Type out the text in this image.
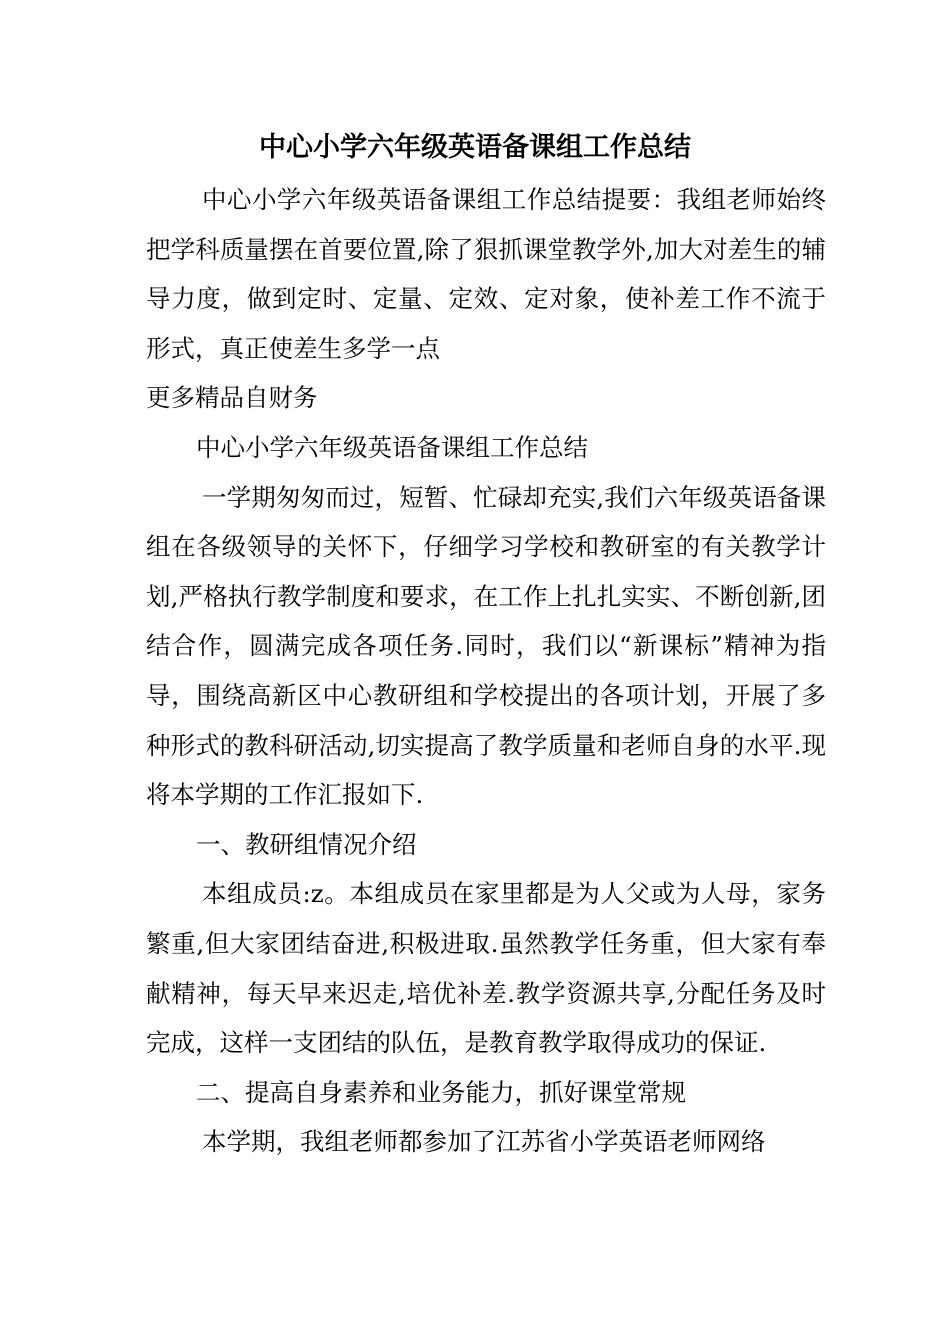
中心小学六年级英语备课组工作总结

中心小学六年级英语备课组工作总结提要：我组老师始终把学科质量摆在首要位置,除了狠抓课堂教学外,加大对差生的辅导力度，做到定时、定量、定效、定对象，使补差工作不流于形式，真正使差生多学一点

更多精品自财务

中心小学六年级英语备课组工作总结

一学期匆匆而过，短暂、忙碌却充实,我们六年级英语备课组在各级领导的关怀下，仔细学习学校和教研室的有关教学计划,严格执行教学制度和要求，在工作上扎扎实实、不断创新,团结合作，圆满完成各项任务.同时，我们以“新课标”精神为指导，围绕高新区中心教研组和学校提出的各项计划，开展了多种形式的教科研活动,切实提高了教学质量和老师自身的水平.现将本学期的工作汇报如下.

一、教研组情况介绍

本组成员:z。本组成员在家里都是为人父或为人母，家务繁重,但大家团结奋进,积极进取.虽然教学任务重，但大家有奉献精神，每天早来迟走,培优补差.教学资源共享,分配任务及时完成，这样一支团结的队伍，是教育教学取得成功的保证.

二、提高自身素养和业务能力，抓好课堂常规

本学期，我组老师都参加了江苏省小学英语老师网络
